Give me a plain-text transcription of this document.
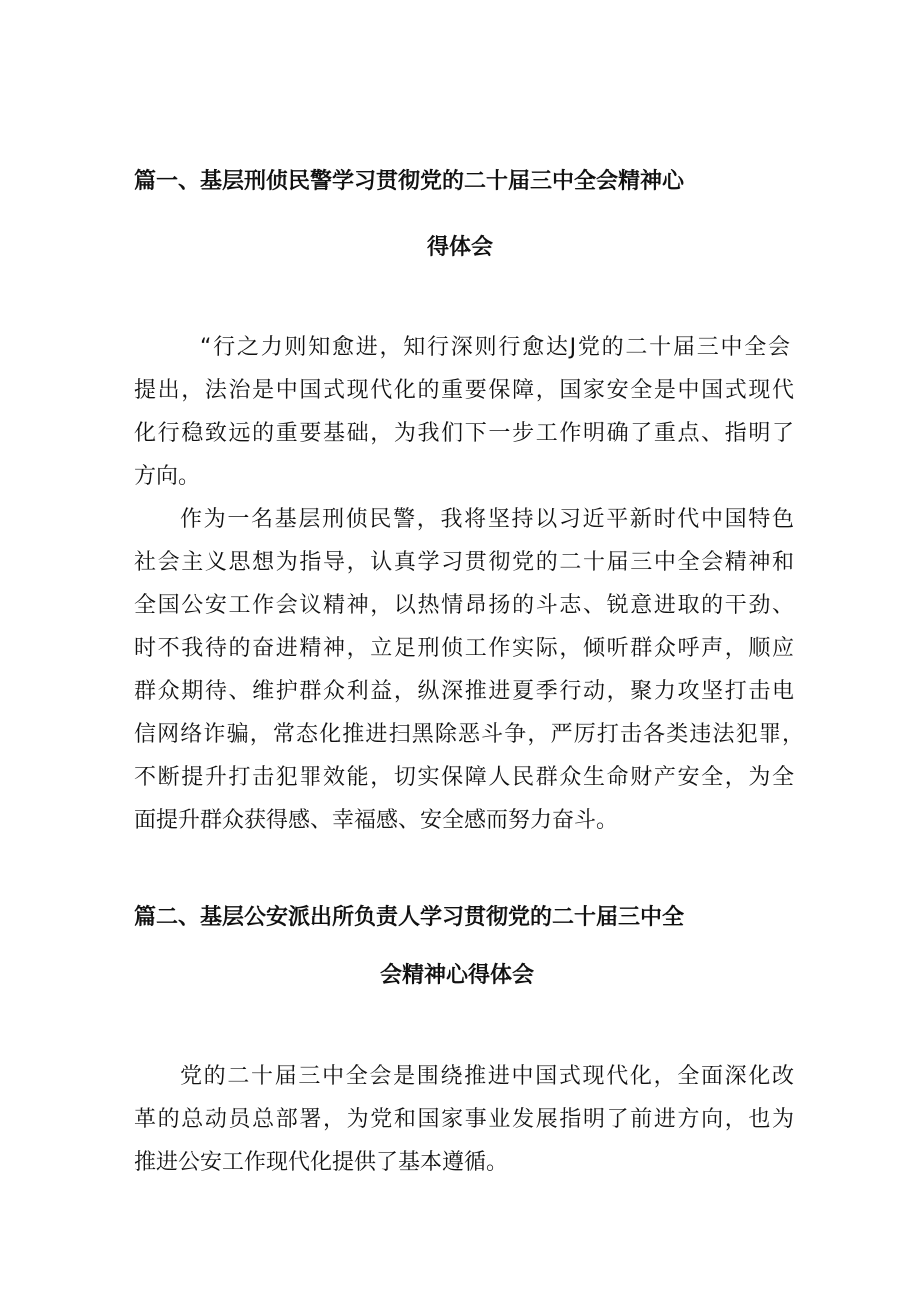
篇一、基层刑侦民警学习贯彻党的二十届三中全会精神心
得体会
“行之力则知愈进，知行深则行愈达J党的二十届三中全会
提出，法治是中国式现代化的重要保障，国家安全是中国式现代
化行稳致远的重要基础，为我们下一步工作明确了重点、指明了
方向。
作为一名基层刑侦民警，我将坚持以习近平新时代中国特色
社会主义思想为指导，认真学习贯彻党的二十届三中全会精神和
全国公安工作会议精神，以热情昂扬的斗志、锐意进取的干劲、
时不我待的奋进精神，立足刑侦工作实际，倾听群众呼声，顺应
群众期待、维护群众利益，纵深推进夏季行动，聚力攻坚打击电
信网络诈骗，常态化推进扫黑除恶斗争，严厉打击各类违法犯罪，
不断提升打击犯罪效能，切实保障人民群众生命财产安全，为全
面提升群众获得感、幸福感、安全感而努力奋斗。
篇二、基层公安派出所负责人学习贯彻党的二十届三中全
会精神心得体会
党的二十届三中全会是围绕推进中国式现代化，全面深化改
革的总动员总部署，为党和国家事业发展指明了前进方向，也为
推进公安工作现代化提供了基本遵循。
